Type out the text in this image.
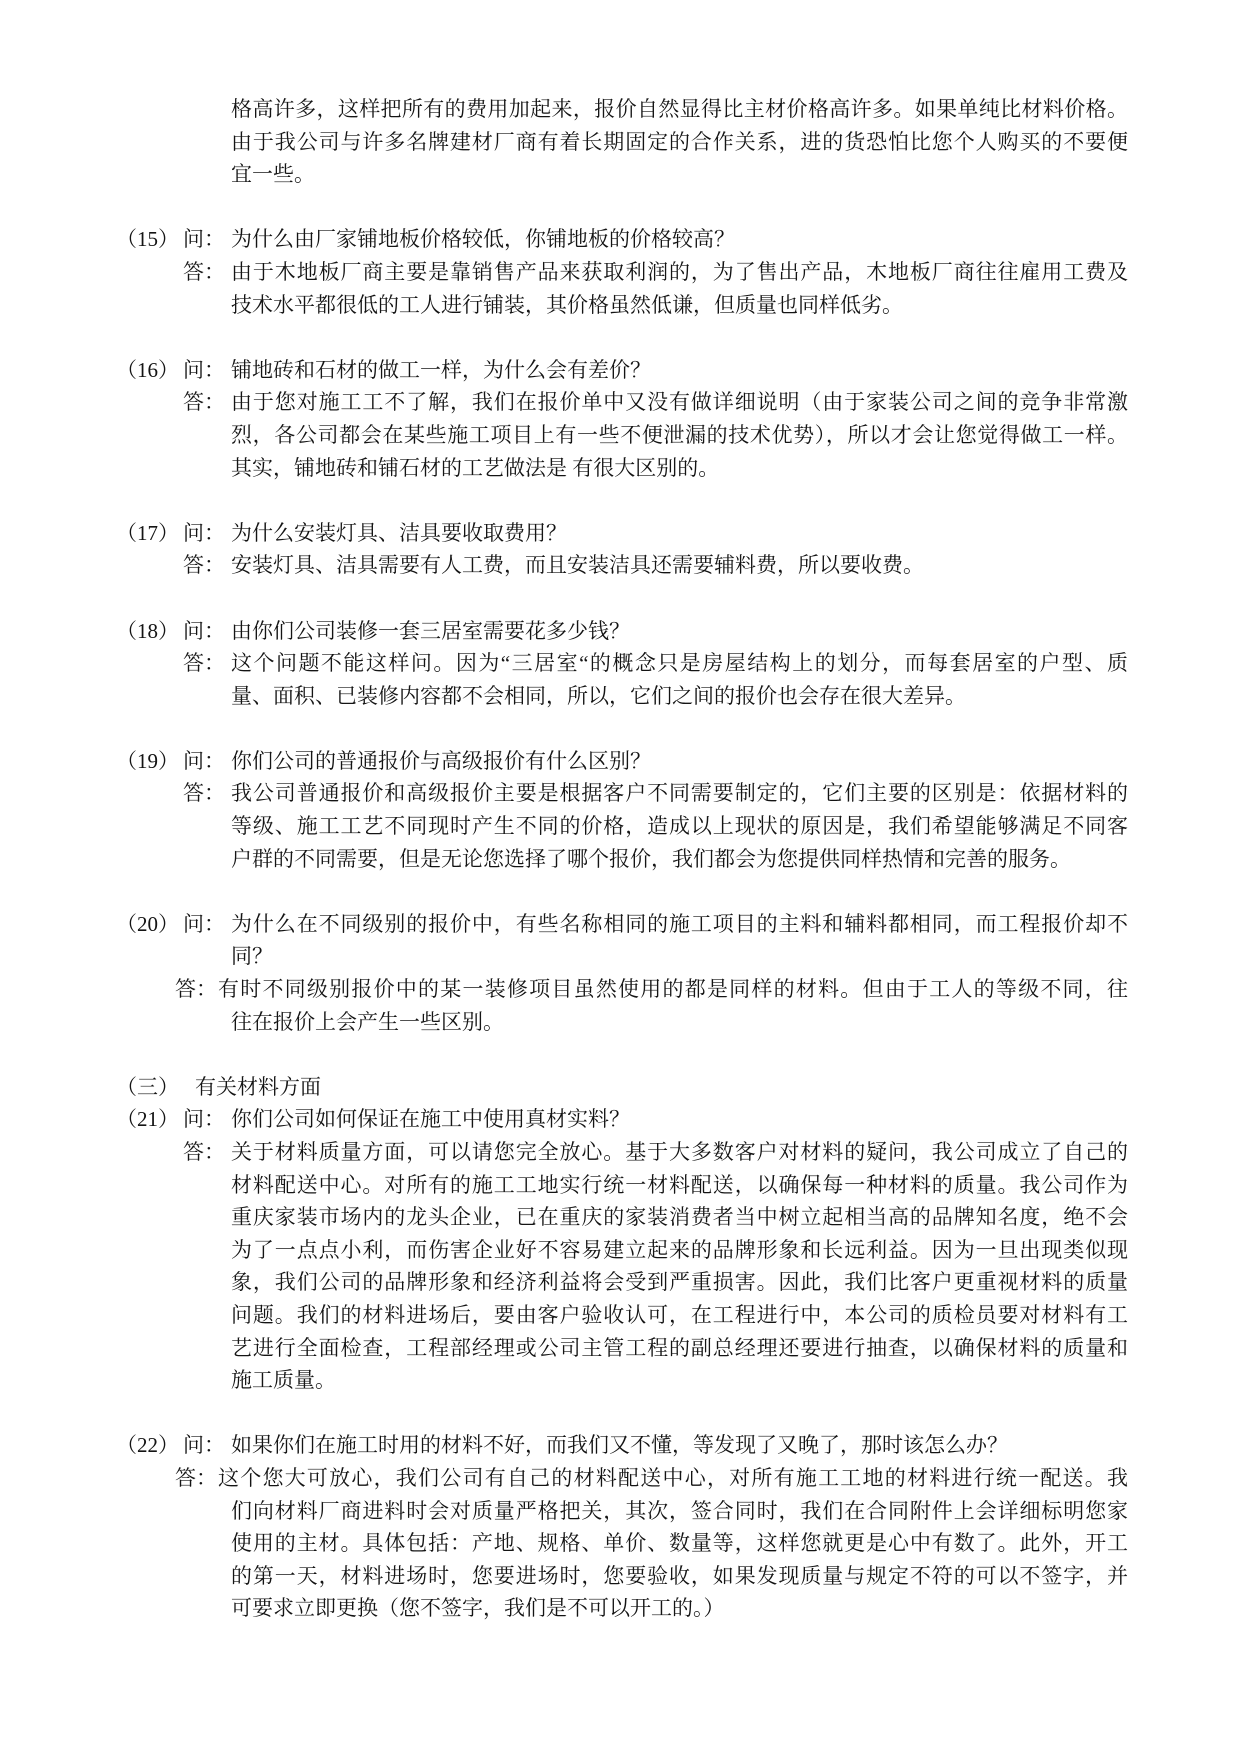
格高许多，这样把所有的费用加起来，报价自然显得比主材价格高许多。如果单纯比材料价格。
由于我公司与许多名牌建材厂商有着长期固定的合作关系，进的货恐怕比您个人购买的不要便
宜一些。
（15） 问： 为什么由厂家铺地板价格较低，你铺地板的价格较高？
答： 由于木地板厂商主要是靠销售产品来获取利润的，为了售出产品，木地板厂商往往雇用工费及
技术水平都很低的工人进行铺装，其价格虽然低谦，但质量也同样低劣。
（16） 问： 铺地砖和石材的做工一样，为什么会有差价？
答： 由于您对施工工不了解，我们在报价单中又没有做详细说明（由于家装公司之间的竞争非常激
烈，各公司都会在某些施工项目上有一些不便泄漏的技术优势），所以才会让您觉得做工一样。
其实，铺地砖和铺石材的工艺做法是 有很大区别的。
（17） 问： 为什么安装灯具、洁具要收取费用？
答： 安装灯具、洁具需要有人工费，而且安装洁具还需要辅料费，所以要收费。
（18） 问： 由你们公司装修一套三居室需要花多少钱？
答： 这个问题不能这样问。因为“三居室“的概念只是房屋结构上的划分，而每套居室的户型、质
量、面积、已装修内容都不会相同，所以，它们之间的报价也会存在很大差异。
（19） 问： 你们公司的普通报价与高级报价有什么区别？
答： 我公司普通报价和高级报价主要是根据客户不同需要制定的，它们主要的区别是：依据材料的
等级、施工工艺不同现时产生不同的价格，造成以上现状的原因是，我们希望能够满足不同客
户群的不同需要，但是无论您选择了哪个报价，我们都会为您提供同样热情和完善的服务。
（20） 问： 为什么在不同级别的报价中，有些名称相同的施工项目的主料和辅料都相同，而工程报价却不
同？
答： 有时不同级别报价中的某一装修项目虽然使用的都是同样的材料。但由于工人的等级不同，往
往在报价上会产生一些区别。
（三） 有关材料方面
（21） 问： 你们公司如何保证在施工中使用真材实料？
答： 关于材料质量方面，可以请您完全放心。基于大多数客户对材料的疑问，我公司成立了自己的
材料配送中心。对所有的施工工地实行统一材料配送，以确保每一种材料的质量。我公司作为
重庆家装市场内的龙头企业，已在重庆的家装消费者当中树立起相当高的品牌知名度，绝不会
为了一点点小利，而伤害企业好不容易建立起来的品牌形象和长远利益。因为一旦出现类似现
象，我们公司的品牌形象和经济利益将会受到严重损害。因此，我们比客户更重视材料的质量
问题。我们的材料进场后，要由客户验收认可，在工程进行中，本公司的质检员要对材料有工
艺进行全面检查，工程部经理或公司主管工程的副总经理还要进行抽查，以确保材料的质量和
施工质量。
（22） 问： 如果你们在施工时用的材料不好，而我们又不懂，等发现了又晚了，那时该怎么办？
答： 这个您大可放心，我们公司有自己的材料配送中心，对所有施工工地的材料进行统一配送。我
们向材料厂商进料时会对质量严格把关，其次，签合同时，我们在合同附件上会详细标明您家
使用的主材。具体包括：产地、规格、单价、数量等，这样您就更是心中有数了。此外，开工
的第一天，材料进场时，您要进场时，您要验收，如果发现质量与规定不符的可以不签字，并
可要求立即更换（您不签字，我们是不可以开工的。）
